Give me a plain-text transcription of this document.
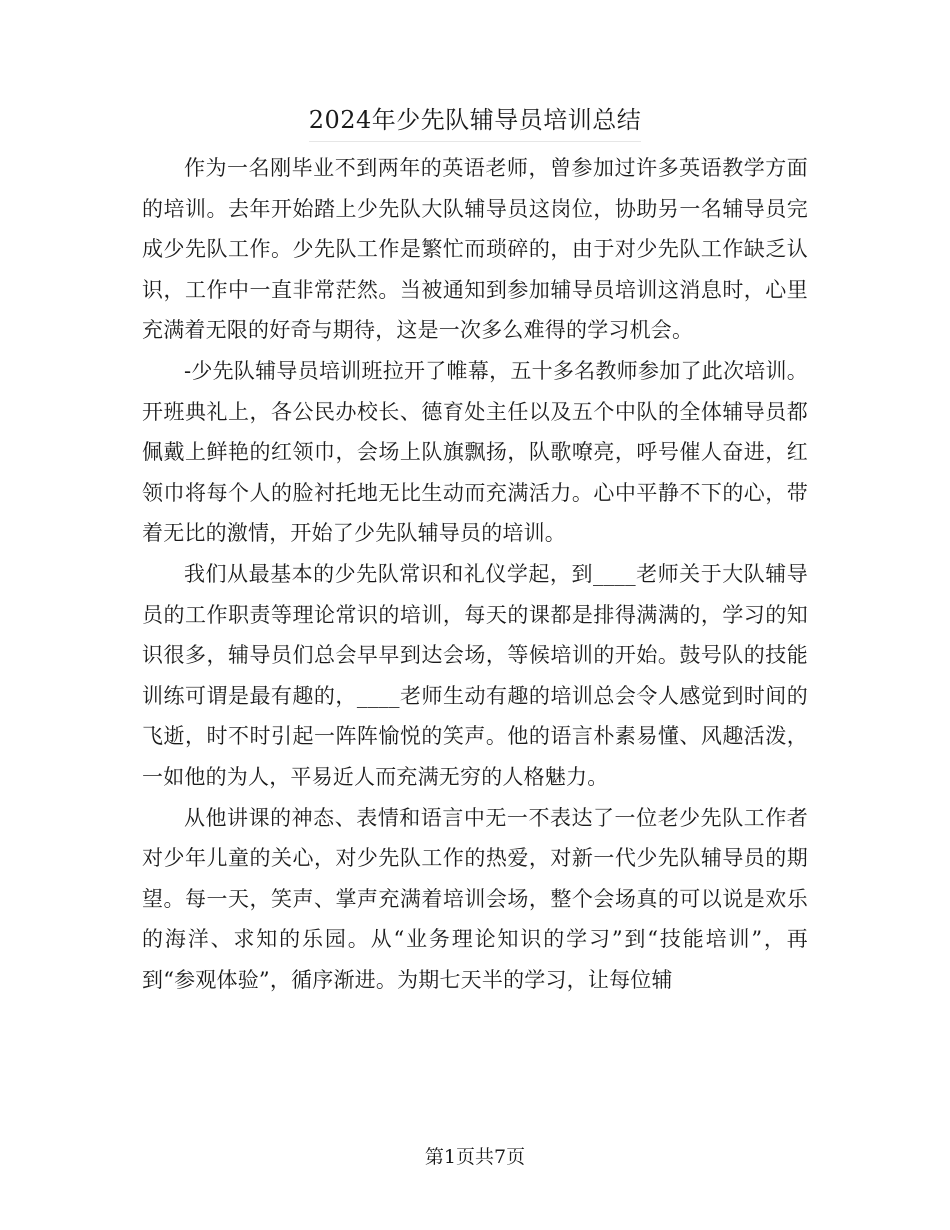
2024年少先队辅导员培训总结

作为一名刚毕业不到两年的英语老师，曾参加过许多英语教学方面的培训。去年开始踏上少先队大队辅导员这岗位，协助另一名辅导员完成少先队工作。少先队工作是繁忙而琐碎的，由于对少先队工作缺乏认识，工作中一直非常茫然。当被通知到参加辅导员培训这消息时，心里充满着无限的好奇与期待，这是一次多么难得的学习机会。

-少先队辅导员培训班拉开了帷幕，五十多名教师参加了此次培训。开班典礼上，各公民办校长、德育处主任以及五个中队的全体辅导员都佩戴上鲜艳的红领巾，会场上队旗飘扬，队歌嘹亮，呼号催人奋进，红领巾将每个人的脸衬托地无比生动而充满活力。心中平静不下的心，带着无比的激情，开始了少先队辅导员的培训。

我们从最基本的少先队常识和礼仪学起，到____老师关于大队辅导员的工作职责等理论常识的培训，每天的课都是排得满满的，学习的知识很多，辅导员们总会早早到达会场，等候培训的开始。鼓号队的技能训练可谓是最有趣的，____老师生动有趣的培训总会令人感觉到时间的飞逝，时不时引起一阵阵愉悦的笑声。他的语言朴素易懂、风趣活泼，一如他的为人，平易近人而充满无穷的人格魅力。

从他讲课的神态、表情和语言中无一不表达了一位老少先队工作者对少年儿童的关心，对少先队工作的热爱，对新一代少先队辅导员的期望。每一天，笑声、掌声充满着培训会场，整个会场真的可以说是欢乐的海洋、求知的乐园。从“业务理论知识的学习”到“技能培训”，再到“参观体验”，循序渐进。为期七天半的学习，让每位辅

第1页共7页
